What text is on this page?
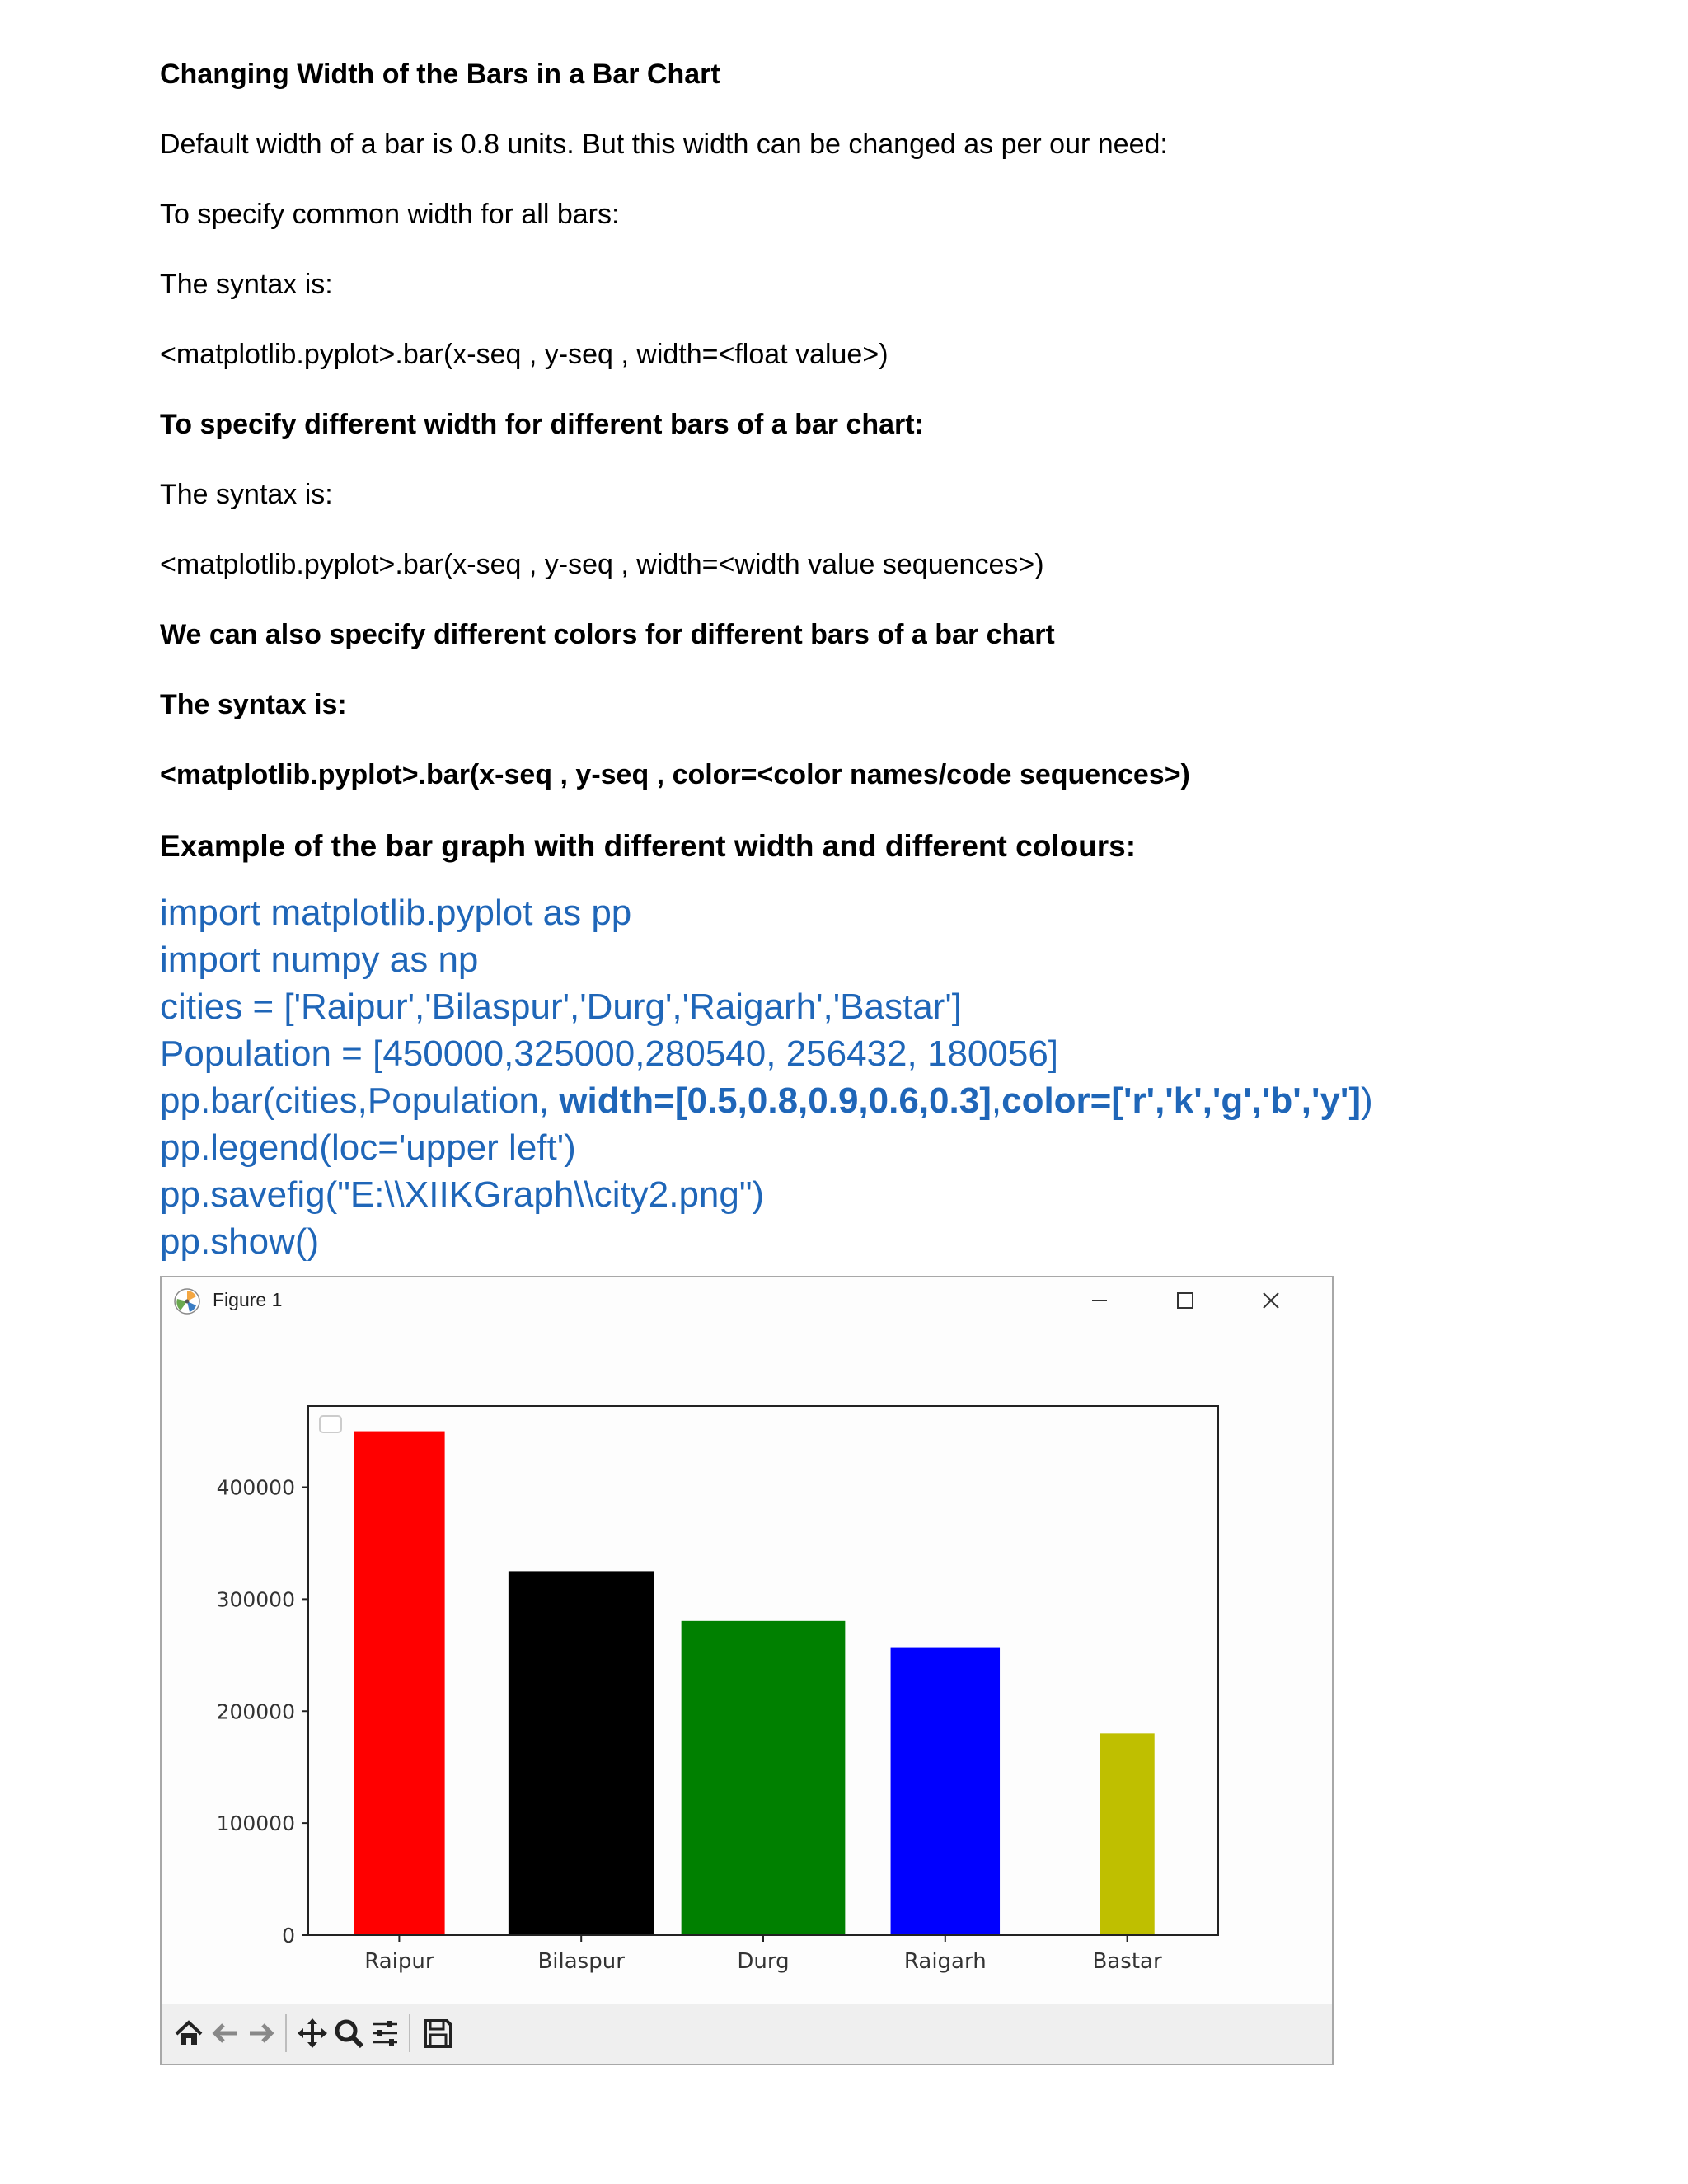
Changing Width of the Bars in a Bar Chart
Default width of a bar is 0.8 units. But this width can be changed as per our need:
To specify common width for all bars:
The syntax is:
<matplotlib.pyplot>.bar(x-seq , y-seq , width=<float value>)
To specify different width for different bars of a bar chart:
The syntax is:
<matplotlib.pyplot>.bar(x-seq , y-seq , width=<width value sequences>)
We can also specify different colors for different bars of a bar chart
The syntax is:
<matplotlib.pyplot>.bar(x-seq , y-seq , color=<color names/code sequences>)
Example of the bar graph with different width and different colours:
import matplotlib.pyplot as pp
import numpy as np
cities = ['Raipur','Bilaspur','Durg','Raigarh','Bastar']
Population = [450000,325000,280540, 256432, 180056]
pp.bar(cities,Population, width=[0.5,0.8,0.9,0.6,0.3],color=['r','k','g','b','y'])
pp.legend(loc='upper left')
pp.savefig("E:\\XIIKGraph\\city2.png")
pp.show()
Figure 1
0
100000
200000
300000
400000
Raipur	Bilaspur	Durg	Raigarh	Bastar
